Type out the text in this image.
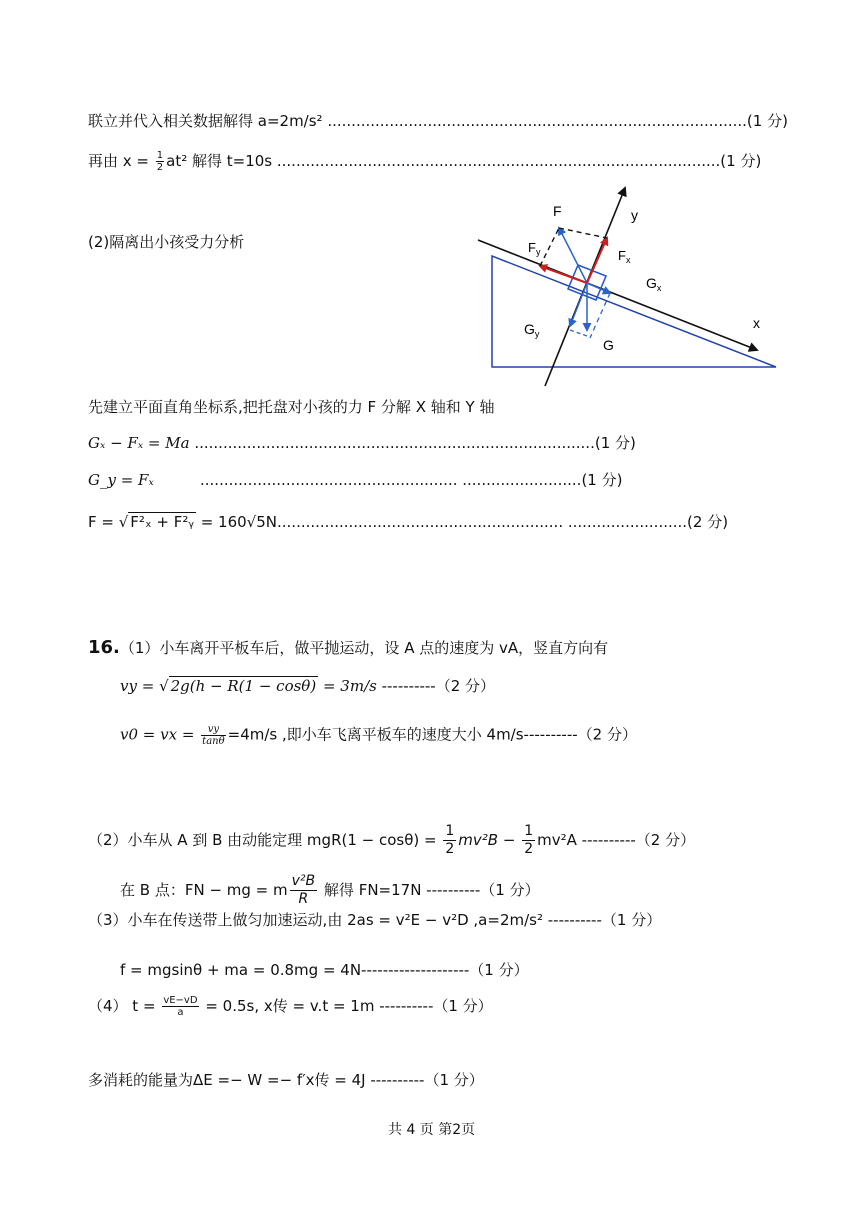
联立并代入相关数据解得 a=2m/s² ........................................................................................(1 分)
再由 $x = \frac{1}{2} at^2$ 解得 t=10s .............................................................................................(1 分)
(2)隔离出小孩受力分析
F	y
$F_y$	$F_x$
$G_x$
$G_y$
G
x
先建立平面直角坐标系,把托盘对小孩的力 F 分解 X 轴和 Y 轴
Gₓ − Fₓ = Ma ....................................................................................(1 分)
G_y = Fₓ	...................................................... .........................(1 分)
F = √ F²ₓ + F²ᵧ = 160√5N............................................................ .........................(2 分)
16.（1）小车离开平板车后，做平抛运动，设 A 点的速度为 vA，竖直方向有
vy = √ 2g(h − R(1 − cosθ) = 3m/s ----------（2 分）
v0 = vx = $\frac{vy}{\tan\theta} =4m/s$ ,即小车飞离平板车的速度大小 4m/s----------（2 分）
（2）小车从 A 到 B 由动能定理 $mgR(1 - \cos\theta) = \frac{1}{2} mv^2B - \frac{1}{2} mv^2A$ ----------（2 分）
在 B 点：FN − mg = m $\frac{\text{v²B}}{R}$ 解得 FN=17N ----------（1 分）
（3）小车在传送带上做匀加速运动,由 2as = v²E − v²D ,a=2m/s² ----------（1 分）
f = mgsinθ + ma = 0.8mg = 4N--------------------（1 分）
（4） $t = \frac{vE-vD}{a} = 0.5s$, x传 = v.t = 1m ----------（1 分）
多消耗的能量为ΔE =− W =− f′x传 = 4J ----------（1 分）
共 4 页 第2页
